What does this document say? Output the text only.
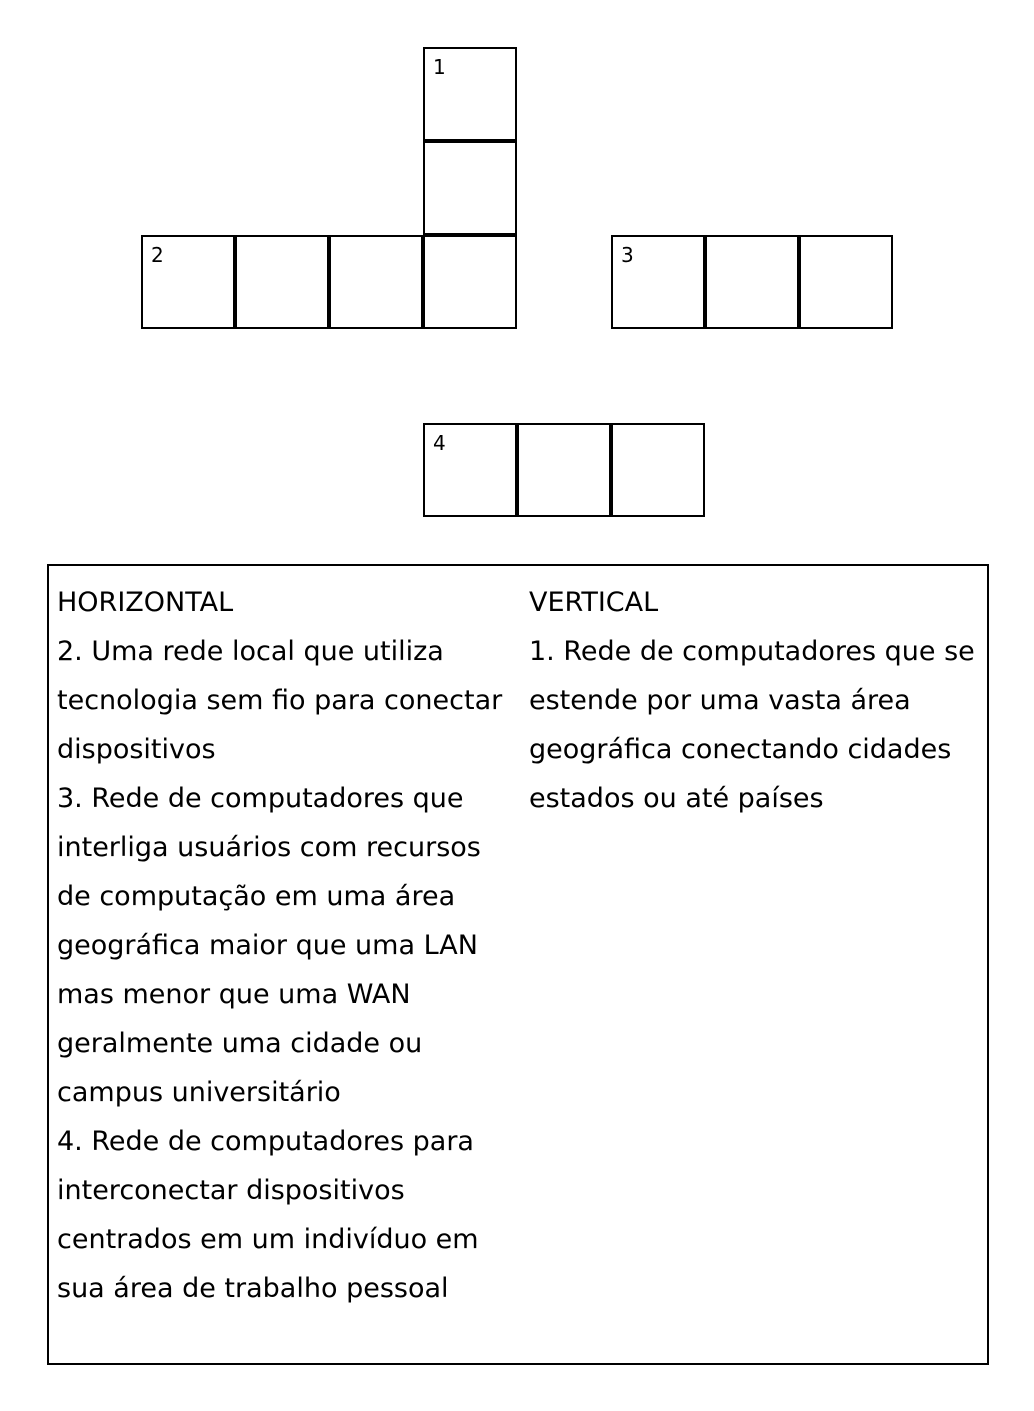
1
2	3
4

HORIZONTAL

2. Uma rede local que utiliza tecnologia sem fio para conectar dispositivos

3. Rede de computadores que interliga usuários com recursos de computação em uma área geográfica maior que uma LAN mas menor que uma WAN geralmente uma cidade ou campus universitário

4. Rede de computadores para interconectar dispositivos centrados em um indivíduo em sua área de trabalho pessoal

VERTICAL

1. Rede de computadores que se estende por uma vasta área geográfica conectando cidades estados ou até países
